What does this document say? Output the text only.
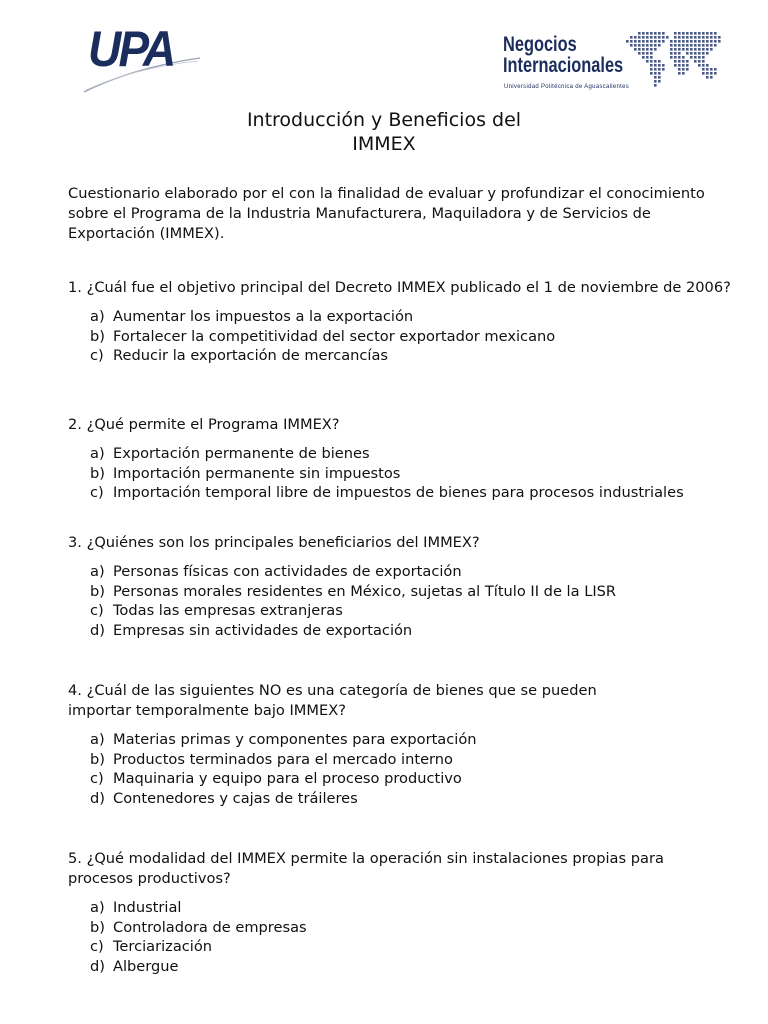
UPA	Negocios
Internacionales
Universidad Politécnica de Aguascalientes
Introducción y Beneficios del
IMMEX
Cuestionario elaborado por el con la finalidad de evaluar y profundizar el conocimiento sobre el Programa de la Industria Manufacturera, Maquiladora y de Servicios de Exportación (IMMEX).
1. ¿Cuál fue el objetivo principal del Decreto IMMEX publicado el 1 de noviembre de 2006?
a) Aumentar los impuestos a la exportación
b) Fortalecer la competitividad del sector exportador mexicano
c) Reducir la exportación de mercancías
2. ¿Qué permite el Programa IMMEX?
a) Exportación permanente de bienes
b) Importación permanente sin impuestos
c) Importación temporal libre de impuestos de bienes para procesos industriales
3. ¿Quiénes son los principales beneficiarios del IMMEX?
a) Personas físicas con actividades de exportación
b) Personas morales residentes en México, sujetas al Título II de la LISR
c) Todas las empresas extranjeras
d) Empresas sin actividades de exportación
4. ¿Cuál de las siguientes NO es una categoría de bienes que se pueden
importar temporalmente bajo IMMEX?
a) Materias primas y componentes para exportación
b) Productos terminados para el mercado interno
c) Maquinaria y equipo para el proceso productivo
d) Contenedores y cajas de tráileres
5. ¿Qué modalidad del IMMEX permite la operación sin instalaciones propias para
procesos productivos?
a) Industrial
b) Controladora de empresas
c) Terciarización
d) Albergue
